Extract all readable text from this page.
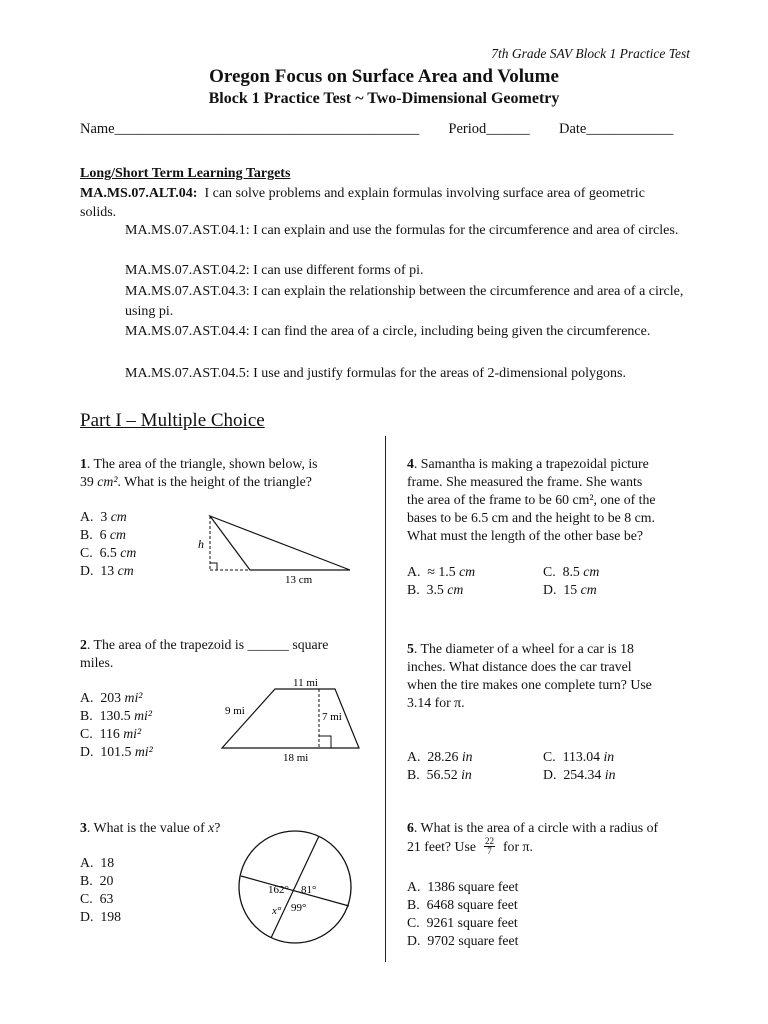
7th Grade SAV Block 1 Practice Test
Oregon Focus on Surface Area and Volume
Block 1 Practice Test ~ Two-Dimensional Geometry
Name__________________________________________ Period______ Date____________
Long/Short Term Learning Targets
MA.MS.07.ALT.04: I can solve problems and explain formulas involving surface area of geometric solids.
MA.MS.07.AST.04.1: I can explain and use the formulas for the circumference and area of circles.
MA.MS.07.AST.04.2: I can use different forms of pi.
MA.MS.07.AST.04.3: I can explain the relationship between the circumference and area of a circle, using pi.
MA.MS.07.AST.04.4: I can find the area of a circle, including being given the circumference.
MA.MS.07.AST.04.5: I use and justify formulas for the areas of 2-dimensional polygons.
Part I – Multiple Choice
1. The area of the triangle, shown below, is
39 cm². What is the height of the triangle?
A. 3 cm
B. 6 cm
C. 6.5 cm
D. 13 cm
h
13 cm
2. The area of the trapezoid is ______ square
miles.
A. 203 mi²
B. 130.5 mi²
C. 116 mi²
D. 101.5 mi²
11 mi
9 mi	7 mi
18 mi
3. What is the value of x?
A. 18
B. 20
C. 63
D. 198
162° 81°
x° 99°
4. Samantha is making a trapezoidal picture
frame. She measured the frame. She wants
the area of the frame to be 60 cm², one of the
bases to be 6.5 cm and the height to be 8 cm.
What must the length of the other base be?
A. ≈ 1.5 cm	C. 8.5 cm
B. 3.5 cm	D. 15 cm
5. The diameter of a wheel for a car is 18
inches. What distance does the car travel
when the tire makes one complete turn? Use
3.14 for π.
A. 28.26 in	C. 113.04 in
B. 56.52 in	D. 254.34 in
6. What is the area of a circle with a radius of
21 feet? Use 22
7 for π.
A. 1386 square feet
B. 6468 square feet
C. 9261 square feet
D. 9702 square feet
